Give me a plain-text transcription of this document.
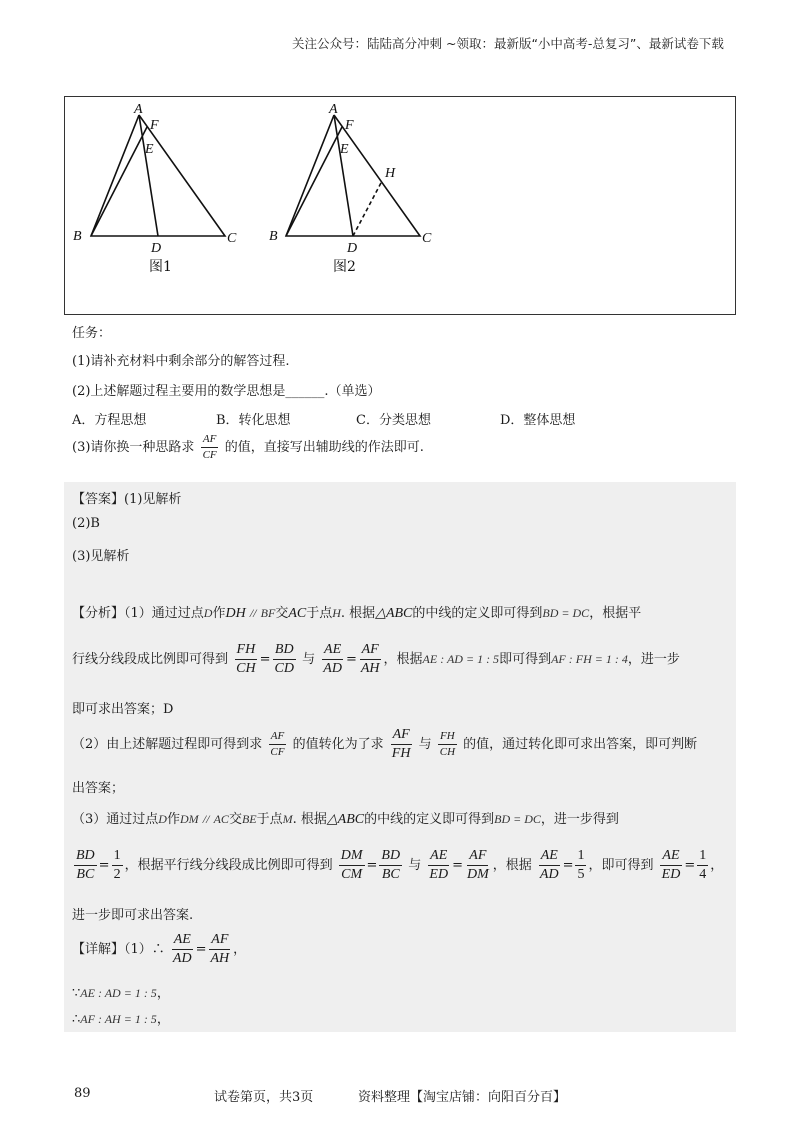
关注公众号：陆陆高分冲刺 ~领取：最新版“小中高考-总复习”、最新试卷下载
A
F
E
B
D
C
图1
A
F
E
H
B
D
C
图2
任务：
(1)请补充材料中剩余部分的解答过程.
(2)上述解题过程主要用的数学思想是______.（单选）
A．方程思想	B．转化思想	C．分类思想	D．整体思想
(3)请你换一种思路求 $\frac{AF}{CF}$ 的值，直接写出辅助线的作法即可.
【答案】(1)见解析
(2)B
(3)见解析
【分析】（1）通过过点D作DH // BF交AC于点H. 根据△ABC的中线的定义即可得到BD = DC，根据平
行线分线段成比例即可得到 $\frac{FH}{CH} = \frac{BD}{CD}$ 与 $\frac{AE}{AD} = \frac{AF}{AH}$ ，根据AE : AD = 1 : 5即可得到AF : FH = 1 : 4，进一步
即可求出答案；D
（2）由上述解题过程即可得到求 $\frac{AF}{CF}$ 的值转化为了求 $\frac{AF}{FH}$ 与 $\frac{FH}{CH}$ 的值，通过转化即可求出答案，即可判断
出答案；
（3）通过过点D作DM // AC交BE于点M. 根据△ABC的中线的定义即可得到BD = DC，进一步得到
$\frac{BD}{BC} = \frac{1}{2}$ ，根据平行线分线段成比例即可得到 $\frac{DM}{CM} = \frac{BD}{BC}$ 与 $\frac{AE}{ED} = \frac{AF}{DM}$ ，根据 $\frac{AE}{AD} = \frac{1}{5}$ ，即可得到 $\frac{AE}{ED} = \frac{1}{4}$ ，
进一步即可求出答案.
【详解】（1）∴ $\frac{AE}{AD} = \frac{AF}{AH}$ ，
∵AE : AD = 1 : 5，
∴AF : AH = 1 : 5，
89	试卷第页，共3页	资料整理【淘宝店铺：向阳百分百】
